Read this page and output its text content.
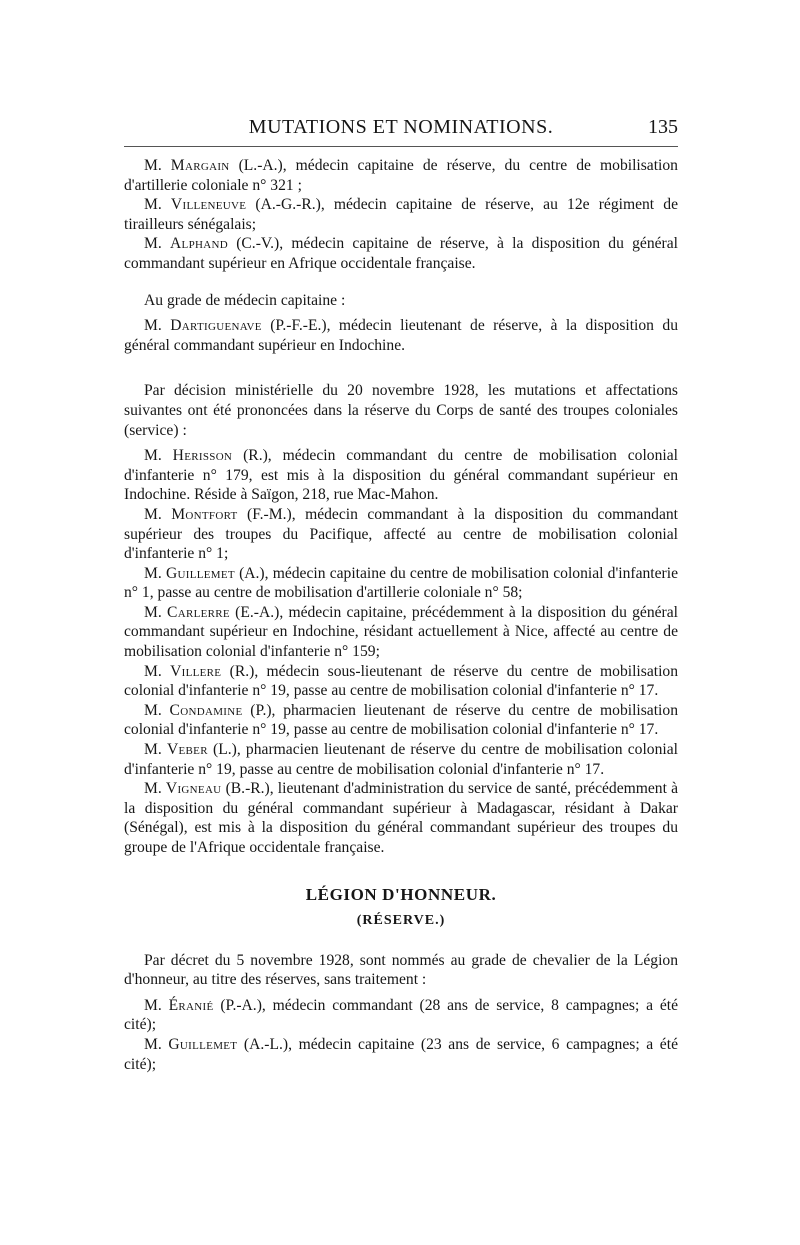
MUTATIONS ET NOMINATIONS.	135

M. Margain (L.-A.), médecin capitaine de réserve, du centre de mobilisation d'artillerie coloniale n° 321 ;

M. Villeneuve (A.-G.-R.), médecin capitaine de réserve, au 12e régiment de tirailleurs sénégalais;

M. Alphand (C.-V.), médecin capitaine de réserve, à la disposition du général commandant supérieur en Afrique occidentale française.

Au grade de médecin capitaine :

M. Dartiguenave (P.-F.-E.), médecin lieutenant de réserve, à la disposition du général commandant supérieur en Indochine.

Par décision ministérielle du 20 novembre 1928, les mutations et affectations suivantes ont été prononcées dans la réserve du Corps de santé des troupes coloniales (service) :

M. Herisson (R.), médecin commandant du centre de mobilisation colonial d'infanterie n° 179, est mis à la disposition du général commandant supérieur en Indochine. Réside à Saïgon, 218, rue Mac-Mahon.

M. Montfort (F.-M.), médecin commandant à la disposition du commandant supérieur des troupes du Pacifique, affecté au centre de mobilisation colonial d'infanterie n° 1;

M. Guillemet (A.), médecin capitaine du centre de mobilisation colonial d'infanterie n° 1, passe au centre de mobilisation d'artillerie coloniale n° 58;

M. Carlerre (E.-A.), médecin capitaine, précédemment à la disposition du général commandant supérieur en Indochine, résidant actuellement à Nice, affecté au centre de mobilisation colonial d'infanterie n° 159;

M. Villere (R.), médecin sous-lieutenant de réserve du centre de mobilisation colonial d'infanterie n° 19, passe au centre de mobilisation colonial d'infanterie n° 17.

M. Condamine (P.), pharmacien lieutenant de réserve du centre de mobilisation colonial d'infanterie n° 19, passe au centre de mobilisation colonial d'infanterie n° 17.

M. Veber (L.), pharmacien lieutenant de réserve du centre de mobilisation colonial d'infanterie n° 19, passe au centre de mobilisation colonial d'infanterie n° 17.

M. Vigneau (B.-R.), lieutenant d'administration du service de santé, précédemment à la disposition du général commandant supérieur à Madagascar, résidant à Dakar (Sénégal), est mis à la disposition du général commandant supérieur des troupes du groupe de l'Afrique occidentale française.

LÉGION D'HONNEUR.
(RÉSERVE.)

Par décret du 5 novembre 1928, sont nommés au grade de chevalier de la Légion d'honneur, au titre des réserves, sans traitement :

M. Éranié (P.-A.), médecin commandant (28 ans de service, 8 campagnes; a été cité);

M. Guillemet (A.-L.), médecin capitaine (23 ans de service, 6 campagnes; a été cité);
